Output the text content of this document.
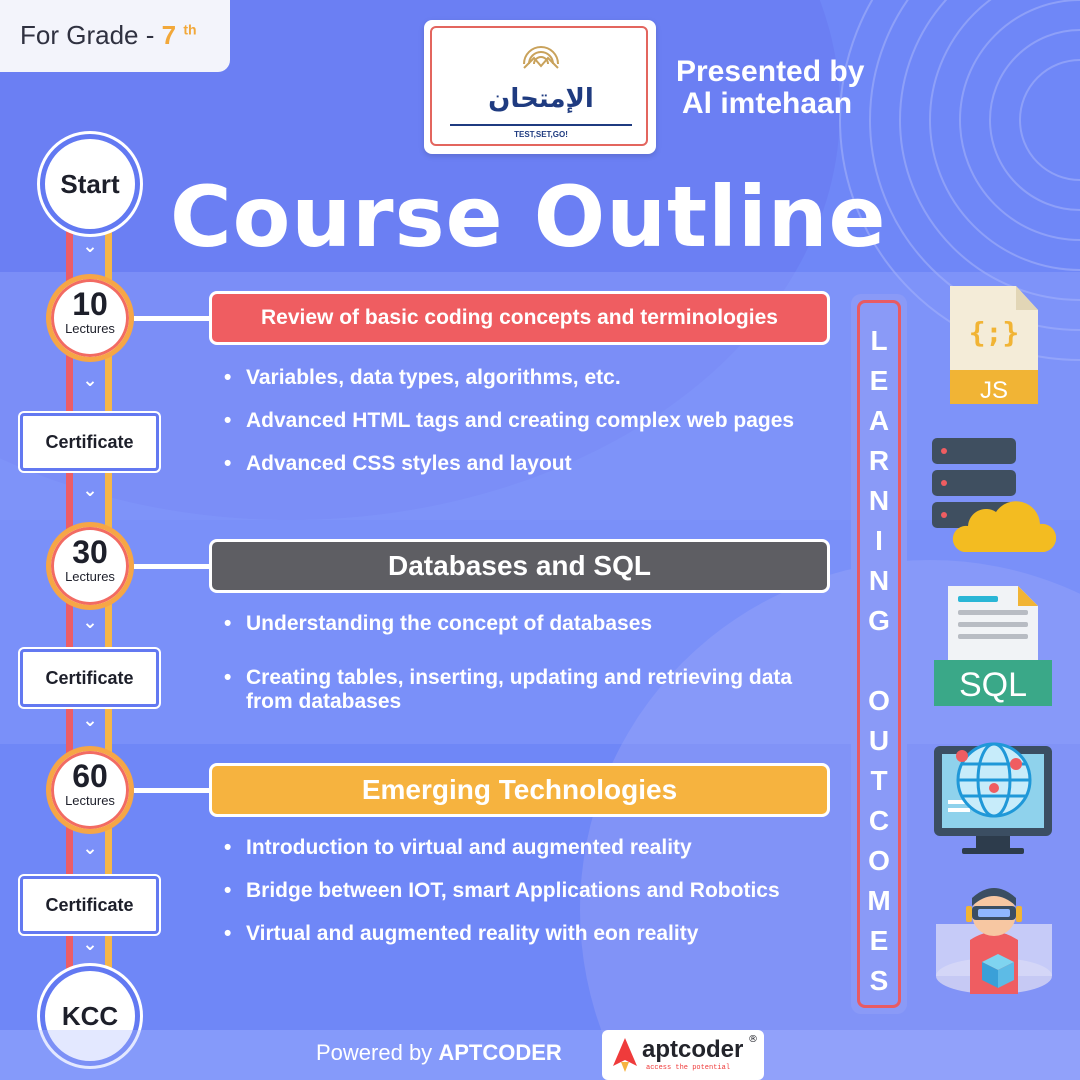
For Grade - 7 $^{th}$
الإمتحان
TEST,SET,GO!
Presented by
Al imtehaan
Course Outline
⌄
⌄
⌄
⌄
⌄
⌄
⌄
Start
10
Lectures
30
Lectures
60
Lectures
Certificate
Certificate
Certificate
KCC
Review of basic coding concepts and terminologies
• Variables, data types, algorithms, etc.
• Advanced HTML tags and creating complex web pages
• Advanced CSS styles and layout
Databases and SQL
• Understanding the concept of databases
• Creating tables, inserting, updating and retrieving data from databases
Emerging Technologies
• Introduction to virtual and augmented reality
• Bridge between IOT, smart Applications and Robotics
• Virtual and augmented reality with eon reality
L
E
A
R
N
I
N
G
O
U
T
C
O
M
E
S
{;}
JS
SQL
Powered by APTCODER	aptcoder ®
access the potential
